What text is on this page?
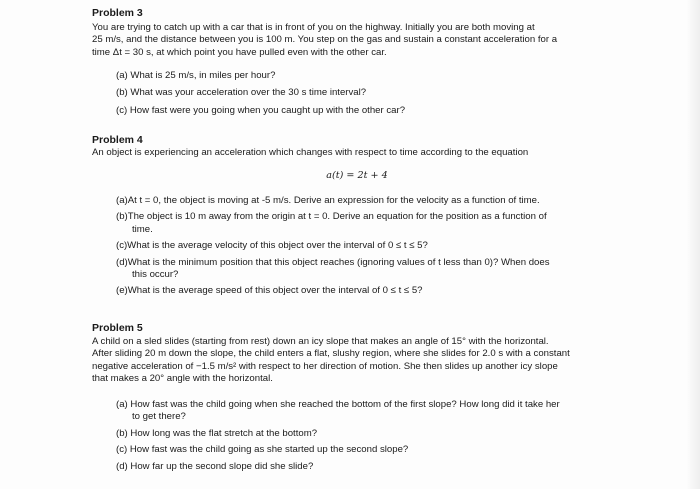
Problem 3

You are trying to catch up with a car that is in front of you on the highway. Initially you are both moving at

25 m/s, and the distance between you is 100 m. You step on the gas and sustain a constant acceleration for a

time Δt = 30 s, at which point you have pulled even with the other car.

(a) What is 25 m/s, in miles per hour?
(b) What was your acceleration over the 30 s time interval?
(c) How fast were you going when you caught up with the other car?

Problem 4

An object is experiencing an acceleration which changes with respect to time according to the equation

a(t) = 2t + 4
(a)At t = 0, the object is moving at -5 m/s. Derive an expression for the velocity as a function of time.
(b)The object is 10 m away from the origin at t = 0. Derive an equation for the position as a function of
time.
(c)What is the average velocity of this object over the interval of 0 ≤ t ≤ 5?
(d)What is the minimum position that this object reaches (ignoring values of t less than 0)? When does
this occur?
(e)What is the average speed of this object over the interval of 0 ≤ t ≤ 5?

Problem 5

A child on a sled slides (starting from rest) down an icy slope that makes an angle of 15° with the horizontal.

After sliding 20 m down the slope, the child enters a flat, slushy region, where she slides for 2.0 s with a constant

negative acceleration of −1.5 m/s² with respect to her direction of motion. She then slides up another icy slope

that makes a 20° angle with the horizontal.

(a) How fast was the child going when she reached the bottom of the first slope? How long did it take her
to get there?
(b) How long was the flat stretch at the bottom?
(c) How fast was the child going as she started up the second slope?
(d) How far up the second slope did she slide?
